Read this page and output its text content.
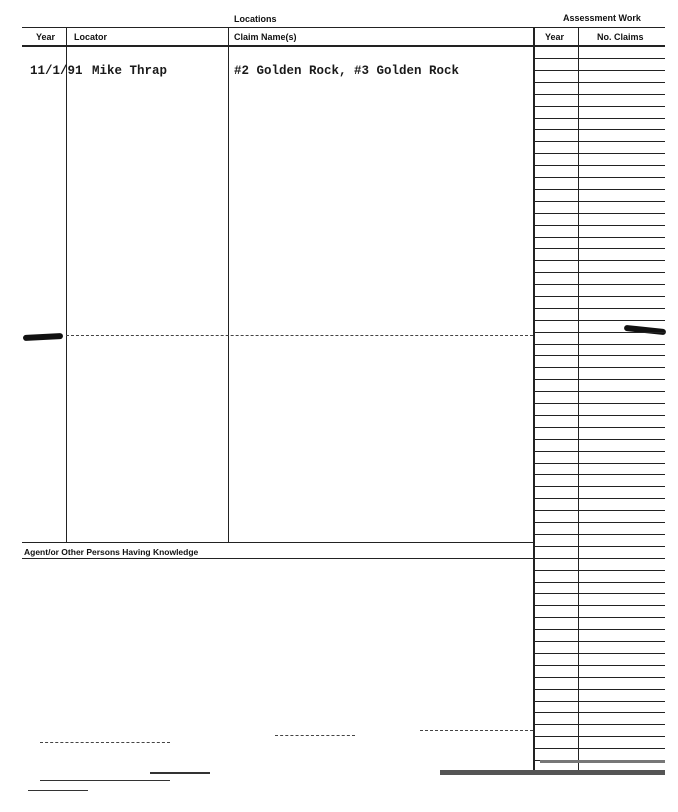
Locations	Assessment Work
Year Locator	Claim Name(s)	Year	No. Claims
11/1/91 Mike Thrap	#2 Golden Rock, #3 Golden Rock
Agent/or Other Persons Having Knowledge
